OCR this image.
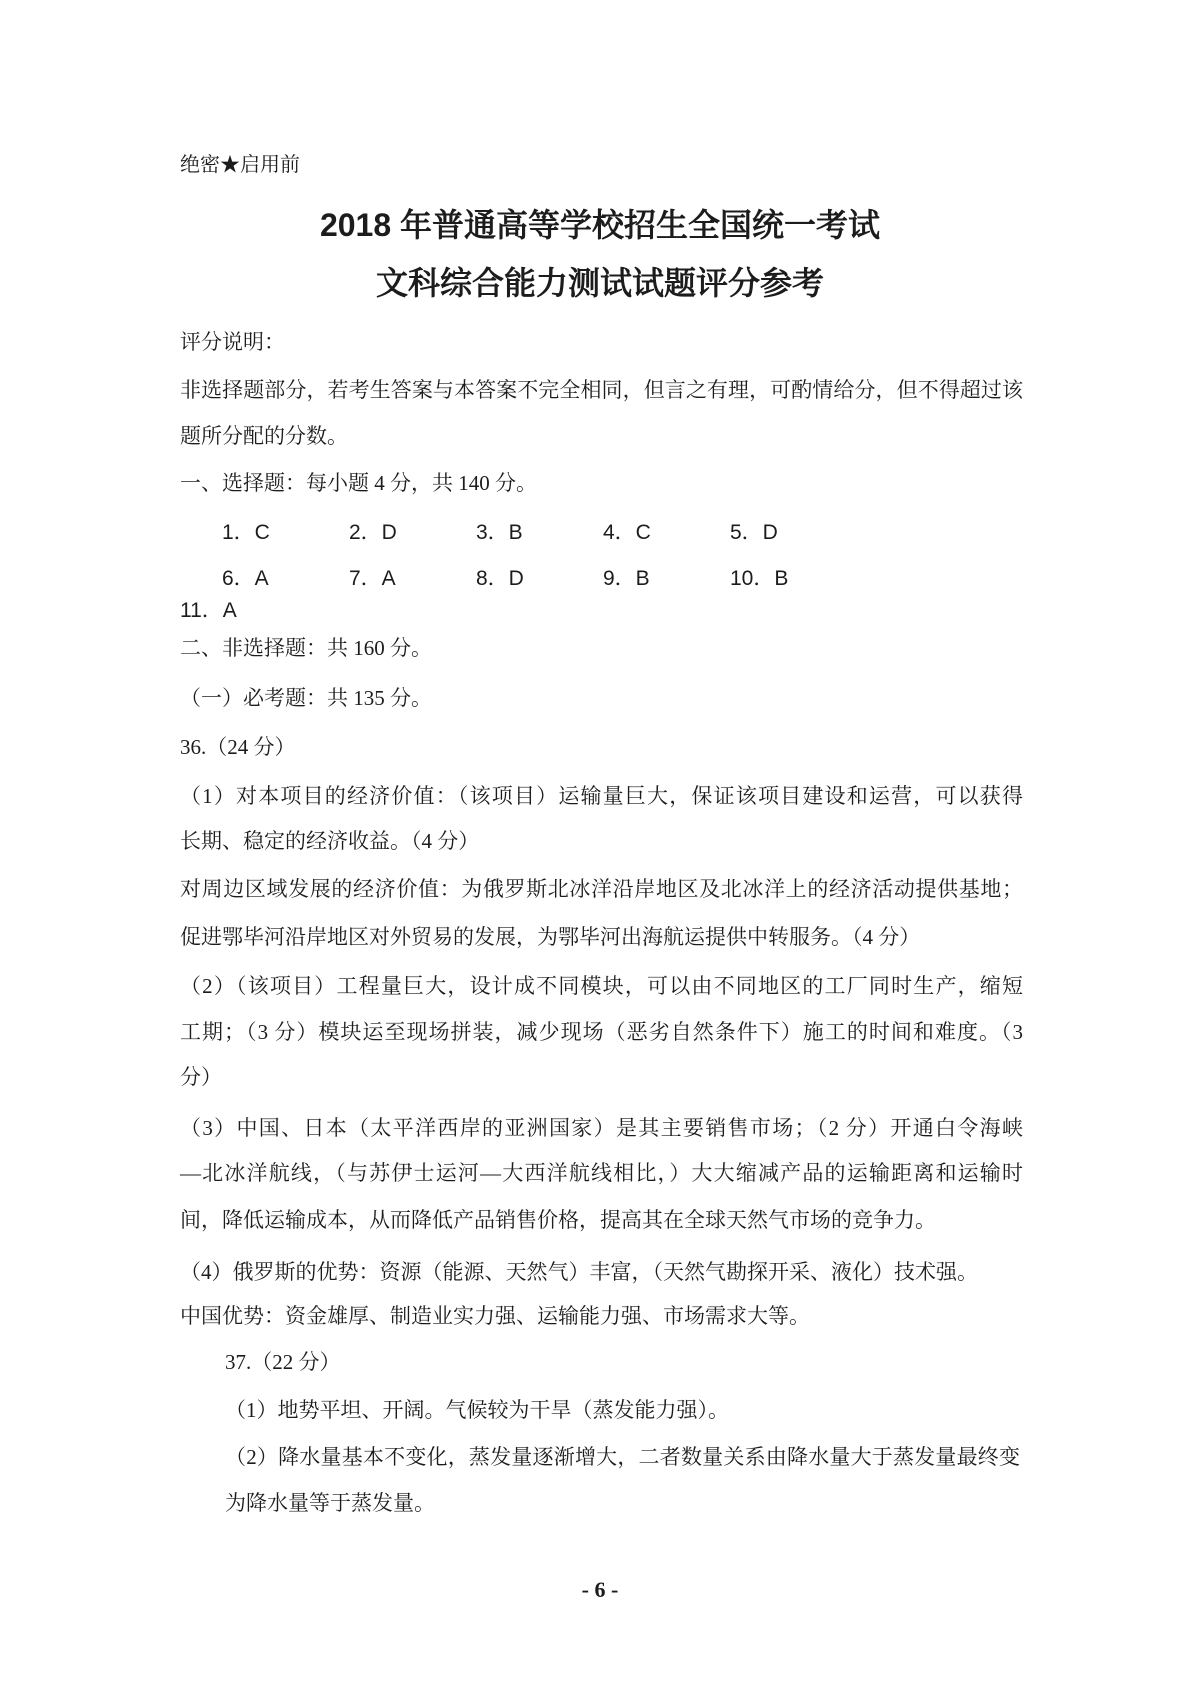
绝密★启用前
2018 年普通高等学校招生全国统一考试
文科综合能力测试试题评分参考
评分说明：
非选择题部分，若考生答案与本答案不完全相同，但言之有理，可酌情给分，但不得超过该
题所分配的分数。
一、选择题：每小题 4 分，共 140 分。
1．C	2．D	3．B	4．C	5．D
6．A	7．A	8．D	9．B	10．B
11．A
二、非选择题：共 160 分。
（一）必考题：共 135 分。
36.（24 分）
（1）对本项目的经济价值：（该项目）运输量巨大，保证该项目建设和运营，可以获得
长期、稳定的经济收益。（4 分）
对周边区域发展的经济价值：为俄罗斯北冰洋沿岸地区及北冰洋上的经济活动提供基地；
促进鄂毕河沿岸地区对外贸易的发展，为鄂毕河出海航运提供中转服务。（4 分）
（2）（该项目）工程量巨大，设计成不同模块，可以由不同地区的工厂同时生产，缩短
工期；（3 分）模块运至现场拼装，减少现场（恶劣自然条件下）施工的时间和难度。（3
分）
（3）中国、日本（太平洋西岸的亚洲国家）是其主要销售市场；（2 分）开通白令海峡
—北冰洋航线，（与苏伊士运河—大西洋航线相比，）大大缩减产品的运输距离和运输时
间，降低运输成本，从而降低产品销售价格，提高其在全球天然气市场的竞争力。
（4）俄罗斯的优势：资源（能源、天然气）丰富，（天然气勘探开采、液化）技术强。
中国优势：资金雄厚、制造业实力强、运输能力强、市场需求大等。
37.（22 分）
（1）地势平坦、开阔。气候较为干旱（蒸发能力强）。
（2）降水量基本不变化，蒸发量逐渐增大，二者数量关系由降水量大于蒸发量最终变
为降水量等于蒸发量。
- 6 -
